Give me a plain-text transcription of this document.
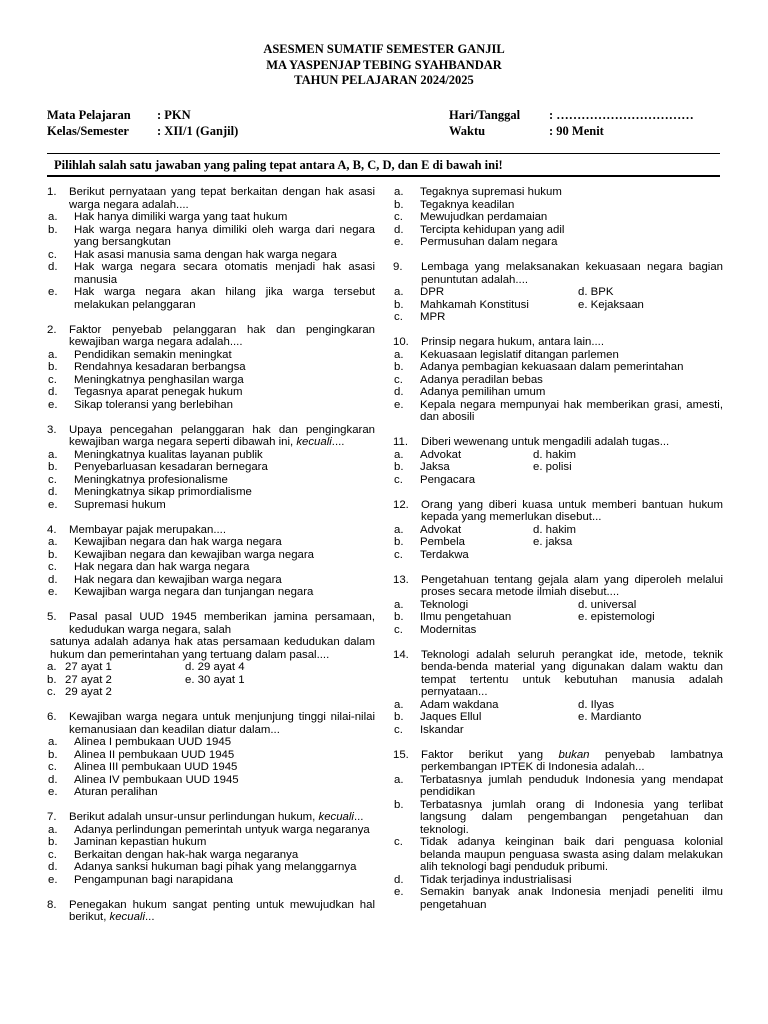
ASESMEN SUMATIF SEMESTER GANJIL
MA YASPENJAP TEBING SYAHBANDAR
TAHUN PELAJARAN 2024/2025
Mata Pelajaran : PKN	Hari/Tanggal : ……………………………
Kelas/Semester : XII/1 (Ganjil)	Waktu	: 90 Menit
Pilihlah salah satu jawaban yang paling tepat antara A, B, C, D, dan E di bawah ini!
1.	Berikut pernyataan yang tepat berkaitan dengan hak asasi warga negara adalah....
a.	Hak hanya dimiliki warga yang taat hukum
b.	Hak warga negara hanya dimiliki oleh warga dari negara yang bersangkutan
c.	Hak asasi manusia sama dengan hak warga negara
d.	Hak warga negara secara otomatis menjadi hak asasi manusia
e.	Hak warga negara akan hilang jika warga tersebut melakukan pelanggaran
2.	Faktor penyebab pelanggaran hak dan pengingkaran kewajiban warga negara adalah....
a.	Pendidikan semakin meningkat
b.	Rendahnya kesadaran berbangsa
c.	Meningkatnya penghasilan warga
d.	Tegasnya aparat penegak hukum
e.	Sikap toleransi yang berlebihan
3.	Upaya pencegahan pelanggaran hak dan pengingkaran kewajiban warga negara seperti dibawah ini, kecuali....
a.	Meningkatnya kualitas layanan publik
b.	Penyebarluasan kesadaran bernegara
c.	Meningkatnya profesionalisme
d.	Meningkatnya sikap primordialisme
e.	Supremasi hukum
4.	Membayar pajak merupakan....
a.	Kewajiban negara dan hak warga negara
b.	Kewajiban negara dan kewajiban warga negara
c.	Hak negara dan hak warga negara
d.	Hak negara dan kewajiban warga negara
e.	Kewajiban warga negara dan tunjangan negara
5.	Pasal pasal UUD 1945 memberikan jamina persamaan, kedudukan warga negara, salah
satunya adalah adanya hak atas persamaan kedudukan dalam hukum dan pemerintahan yang tertuang dalam pasal....
a. 27 ayat 1	d. 29 ayat 4
b. 27 ayat 2	e. 30 ayat 1
c. 29 ayat 2
6.	Kewajiban warga negara untuk menjunjung tinggi nilai-nilai kemanusiaan dan keadilan diatur dalam...
a.	Alinea I pembukaan UUD 1945
b.	Alinea II pembukaan UUD 1945
c.	Alinea III pembukaan UUD 1945
d.	Alinea IV pembukaan UUD 1945
e.	Aturan peralihan
7.	Berikut adalah unsur-unsur perlindungan hukum, kecuali...
a.	Adanya perlindungan pemerintah untyuk warga negaranya
b.	Jaminan kepastian hukum
c.	Berkaitan dengan hak-hak warga negaranya
d.	Adanya sanksi hukuman bagi pihak yang melanggarnya
e.	Pengampunan bagi narapidana
8.	Penegakan hukum sangat penting untuk mewujudkan hal berikut, kecuali...
a.	Tegaknya supremasi hukum
b.	Tegaknya keadilan
c.	Mewujudkan perdamaian
d.	Tercipta kehidupan yang adil
e.	Permusuhan dalam negara
9.	Lembaga yang melaksanakan kekuasaan negara bagian penuntutan adalah....
a.	DPR	d. BPK
b.	Mahkamah Konstitusi	e. Kejaksaan
c.	MPR
10.	Prinsip negara hukum, antara lain....
a.	Kekuasaan legislatif ditangan parlemen
b.	Adanya pembagian kekuasaan dalam pemerintahan
c.	Adanya peradilan bebas
d.	Adanya pemilihan umum
e.	Kepala negara mempunyai hak memberikan grasi, amesti, dan abosili
11.	Diberi wewenang untuk mengadili adalah tugas...
a.	Advokat	d. hakim
b.	Jaksa	e. polisi
c.	Pengacara
12.	Orang yang diberi kuasa untuk memberi bantuan hukum kepada yang memerlukan disebut...
a.	Advokat	d. hakim
b.	Pembela	e. jaksa
c.	Terdakwa
13.	Pengetahuan tentang gejala alam yang diperoleh melalui proses secara metode ilmiah disebut....
a.	Teknologi	d. universal
b.	Ilmu pengetahuan	e. epistemologi
c.	Modernitas
14.	Teknologi adalah seluruh perangkat ide, metode, teknik benda-benda material yang digunakan dalam waktu dan tempat tertentu untuk kebutuhan manusia adalah pernyataan...
a.	Adam wakdana	d. Ilyas
b.	Jaques Ellul	e. Mardianto
c.	Iskandar
15.	Faktor berikut yang bukan penyebab lambatnya perkembangan IPTEK di Indonesia adalah...
a.	Terbatasnya jumlah penduduk Indonesia yang mendapat pendidikan
b.	Terbatasnya jumlah orang di Indonesia yang terlibat langsung dalam pengembangan pengetahuan dan teknologi.
c.	Tidak adanya keinginan baik dari penguasa kolonial belanda maupun penguasa swasta asing dalam melakukan alih teknologi bagi penduduk pribumi.
d.	Tidak terjadinya industrialisasi
e.	Semakin banyak anak Indonesia menjadi peneliti ilmu pengetahuan
